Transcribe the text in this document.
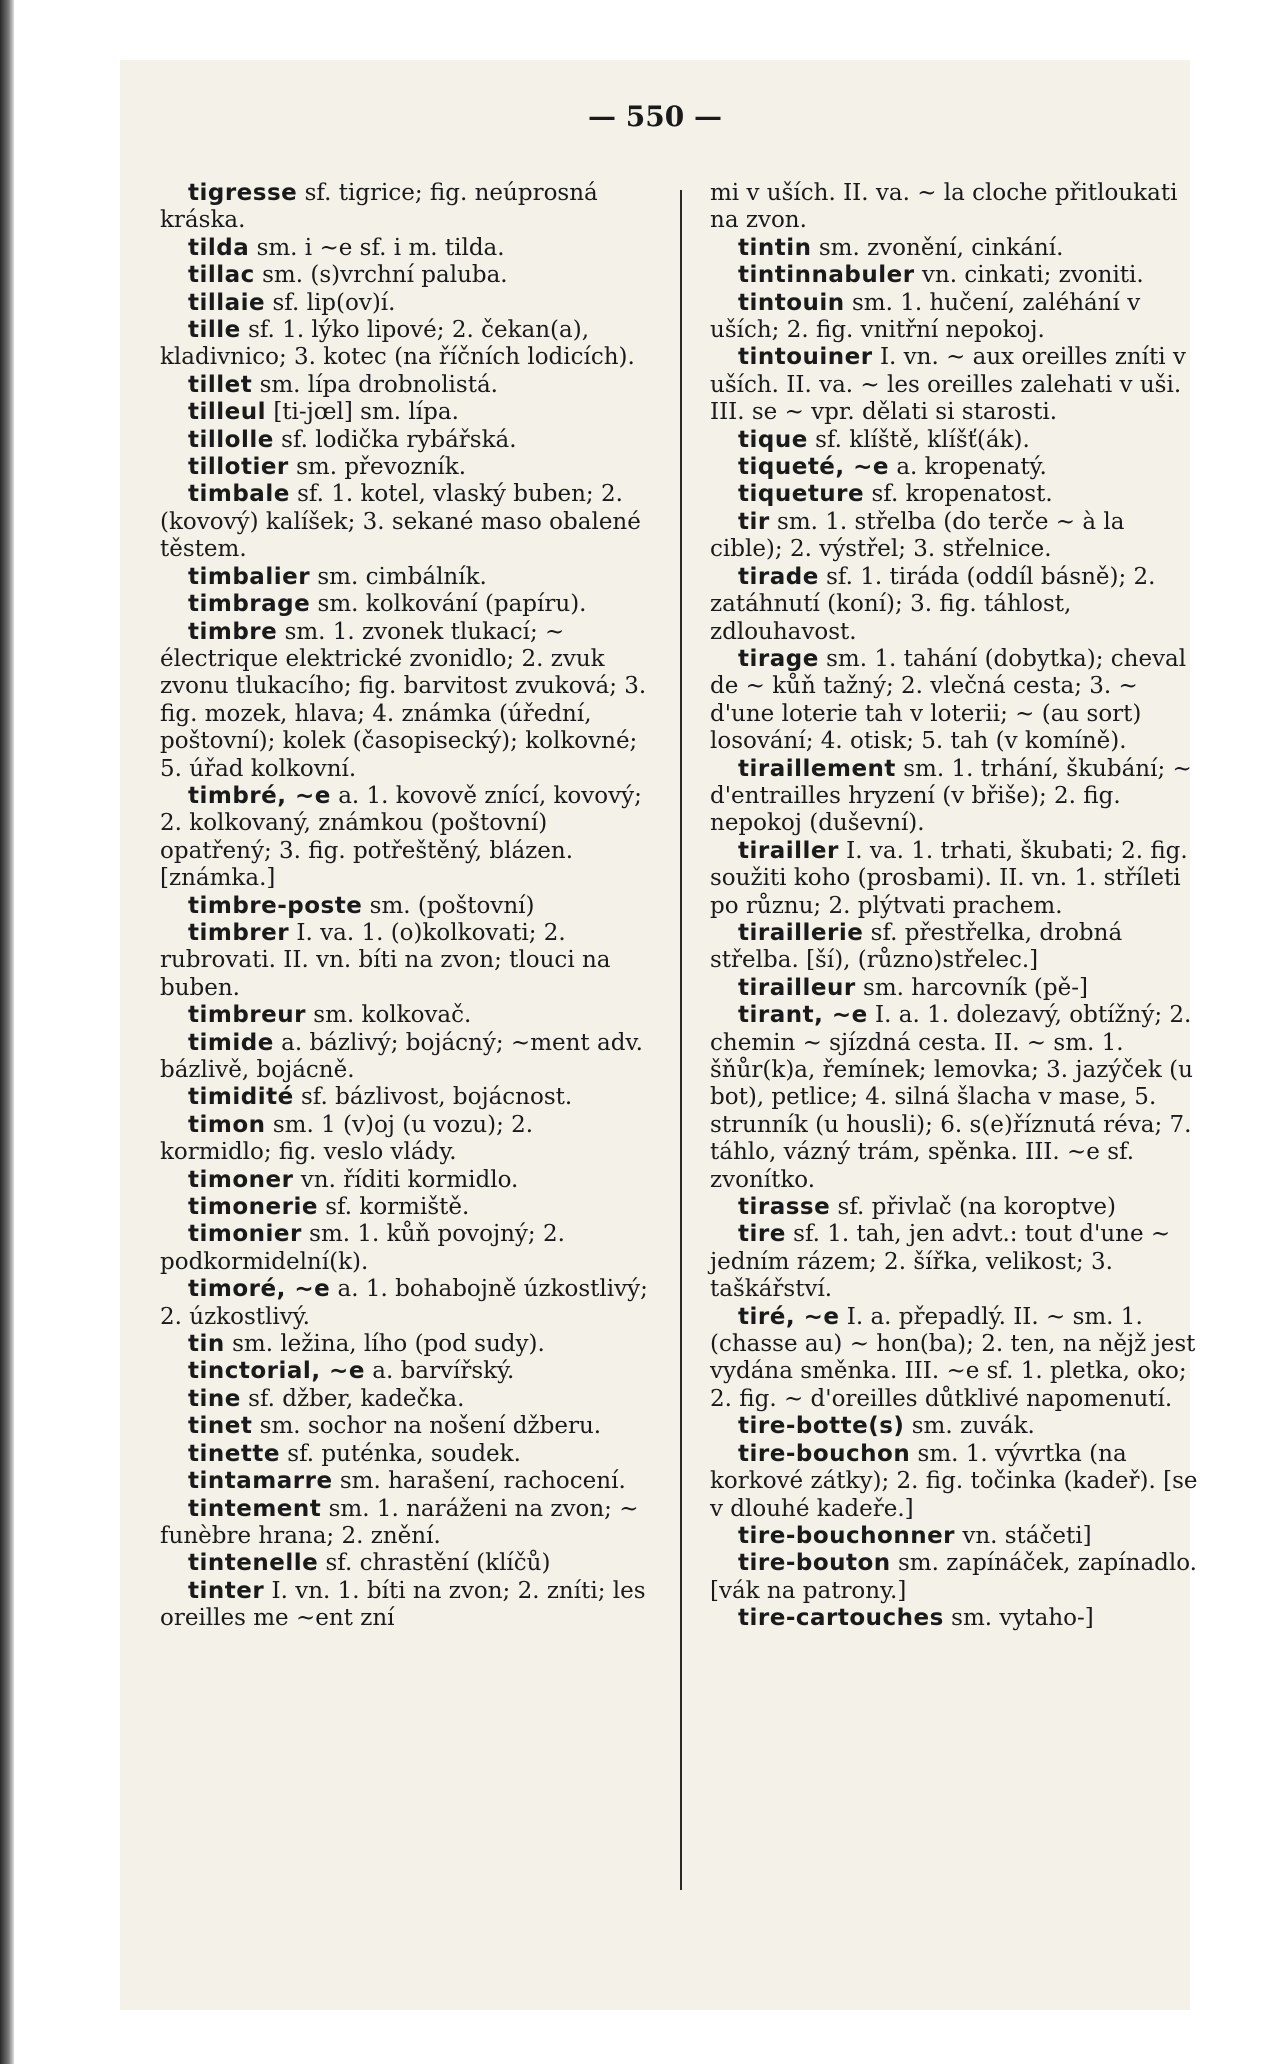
— 550 —

tigresse sf. tigrice; fig. neúprosná kráska.

tilda sm. i ~e sf. i m. tilda.

tillac sm. (s)vrchní paluba.

tillaie sf. lip(ov)í.

tille sf. 1. lýko lipové; 2. čekan(a), kladivnico; 3. kotec (na říčních lodicích).

tillet sm. lípa drobnolistá.

tilleul [ti-jœl] sm. lípa.

tillolle sf. lodička rybářská.

tillotier sm. převozník.

timbale sf. 1. kotel, vlaský buben; 2. (kovový) kalíšek; 3. sekané maso obalené těstem.

timbalier sm. cimbálník.

timbrage sm. kolkování (papíru).

timbre sm. 1. zvonek tlukací; ~ électrique elektrické zvonidlo; 2. zvuk zvonu tlukacího; fig. barvitost zvuková; 3. fig. mozek, hlava; 4. známka (úřední, poštovní); kolek (časopisecký); kolkovné; 5. úřad kolkovní.

timbré, ~e a. 1. kovově znící, kovový; 2. kolkovaný, známkou (poštovní) opatřený; 3. fig. potřeštěný, blázen. [známka.]

timbre-poste sm. (poštovní)

timbrer I. va. 1. (o)kolkovati; 2. rubrovati. II. vn. bíti na zvon; tlouci na buben.

timbreur sm. kolkovač.

timide a. bázlivý; bojácný; ~ment adv. bázlivě, bojácně.

timidité sf. bázlivost, bojácnost.

timon sm. 1 (v)oj (u vozu); 2. kormidlo; fig. veslo vlády.

timoner vn. říditi kormidlo.

timonerie sf. kormiště.

timonier sm. 1. kůň povojný; 2. podkormidelní(k).

timoré, ~e a. 1. bohabojně úzkostlivý; 2. úzkostlivý.

tin sm. ležina, lího (pod sudy).

tinctorial, ~e a. barvířský.

tine sf. džber, kadečka.

tinet sm. sochor na nošení džberu.

tinette sf. puténka, soudek.

tintamarre sm. harašení, rachocení.

tintement sm. 1. naráženi na zvon; ~ funèbre hrana; 2. znění.

tintenelle sf. chrastění (klíčů)

tinter I. vn. 1. bíti na zvon; 2. zníti; les oreilles me ~ent zní

mi v uších. II. va. ~ la cloche přitloukati na zvon.

tintin sm. zvonění, cinkání.

tintinnabuler vn. cinkati; zvoniti.

tintouin sm. 1. hučení, zaléhání v uších; 2. fig. vnitřní nepokoj.

tintouiner I. vn. ~ aux oreilles zníti v uších. II. va. ~ les oreilles zalehati v uši. III. se ~ vpr. dělati si starosti.

tique sf. klíště, klíšť(ák).

tiqueté, ~e a. kropenatý.

tiqueture sf. kropenatost.

tir sm. 1. střelba (do terče ~ à la cible); 2. výstřel; 3. střelnice.

tirade sf. 1. tiráda (oddíl básně); 2. zatáhnutí (koní); 3. fig. táhlost, zdlouhavost.

tirage sm. 1. tahání (dobytka); cheval de ~ kůň tažný; 2. vlečná cesta; 3. ~ d'une loterie tah v loterii; ~ (au sort) losování; 4. otisk; 5. tah (v komíně).

tiraillement sm. 1. trhání, škubání; ~ d'entrailles hryzení (v břiše); 2. fig. nepokoj (duševní).

tirailler I. va. 1. trhati, škubati; 2. fig. soužiti koho (prosbami). II. vn. 1. stříleti po různu; 2. plýtvati prachem.

tiraillerie sf. přestřelka, drobná střelba. [ší), (různo)střelec.]

tirailleur sm. harcovník (pě-]

tirant, ~e I. a. 1. dolezavý, obtížný; 2. chemin ~ sjízdná cesta. II. ~ sm. 1. šňůr(k)a, řemínek; lemovka; 3. jazýček (u bot), petlice; 4. silná šlacha v mase, 5. strunník (u housli); 6. s(e)říznutá réva; 7. táhlo, vázný trám, spěnka. III. ~e sf. zvonítko.

tirasse sf. přivlač (na koroptve)

tire sf. 1. tah, jen advt.: tout d'une ~ jedním rázem; 2. šířka, velikost; 3. taškářství.

tiré, ~e I. a. přepadlý. II. ~ sm. 1. (chasse au) ~ hon(ba); 2. ten, na nějž jest vydána směnka. III. ~e sf. 1. pletka, oko; 2. fig. ~ d'oreilles důtklivé napomenutí.

tire-botte(s) sm. zuvák.

tire-bouchon sm. 1. vývrtka (na korkové zátky); 2. fig. točinka (kadeř). [se v dlouhé kadeře.]

tire-bouchonner vn. stáčeti]

tire-bouton sm. zapínáček, zapínadlo. [vák na patrony.]

tire-cartouches sm. vytaho-]
